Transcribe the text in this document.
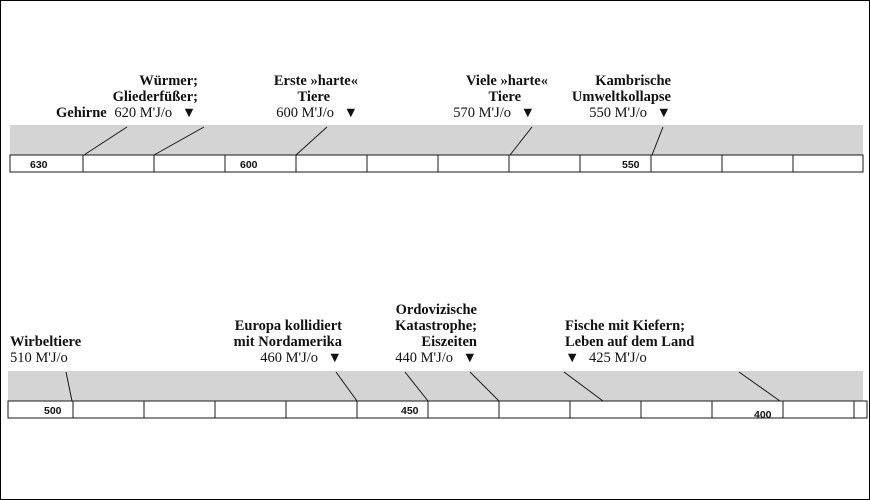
630	600	550
Würmer;
Gliederfüßer;
Gehirne 620 M'J/o ▼
Erste »harte«
Tiere
600 M'J/o ▼
Viele »harte«
Tiere
570 M'J/o ▼
Kambrische
Umweltkollapse
550 M'J/o ▼
500	450	400
Wirbeltiere
510 M'J/o
Europa kollidiert
mit Nordamerika
460 M'J/o ▼
Ordovizische
Katastrophe;
Eiszeiten
440 M'J/o ▼
Fische mit Kiefern;
Leben auf dem Land
▼ 425 M'J/o
